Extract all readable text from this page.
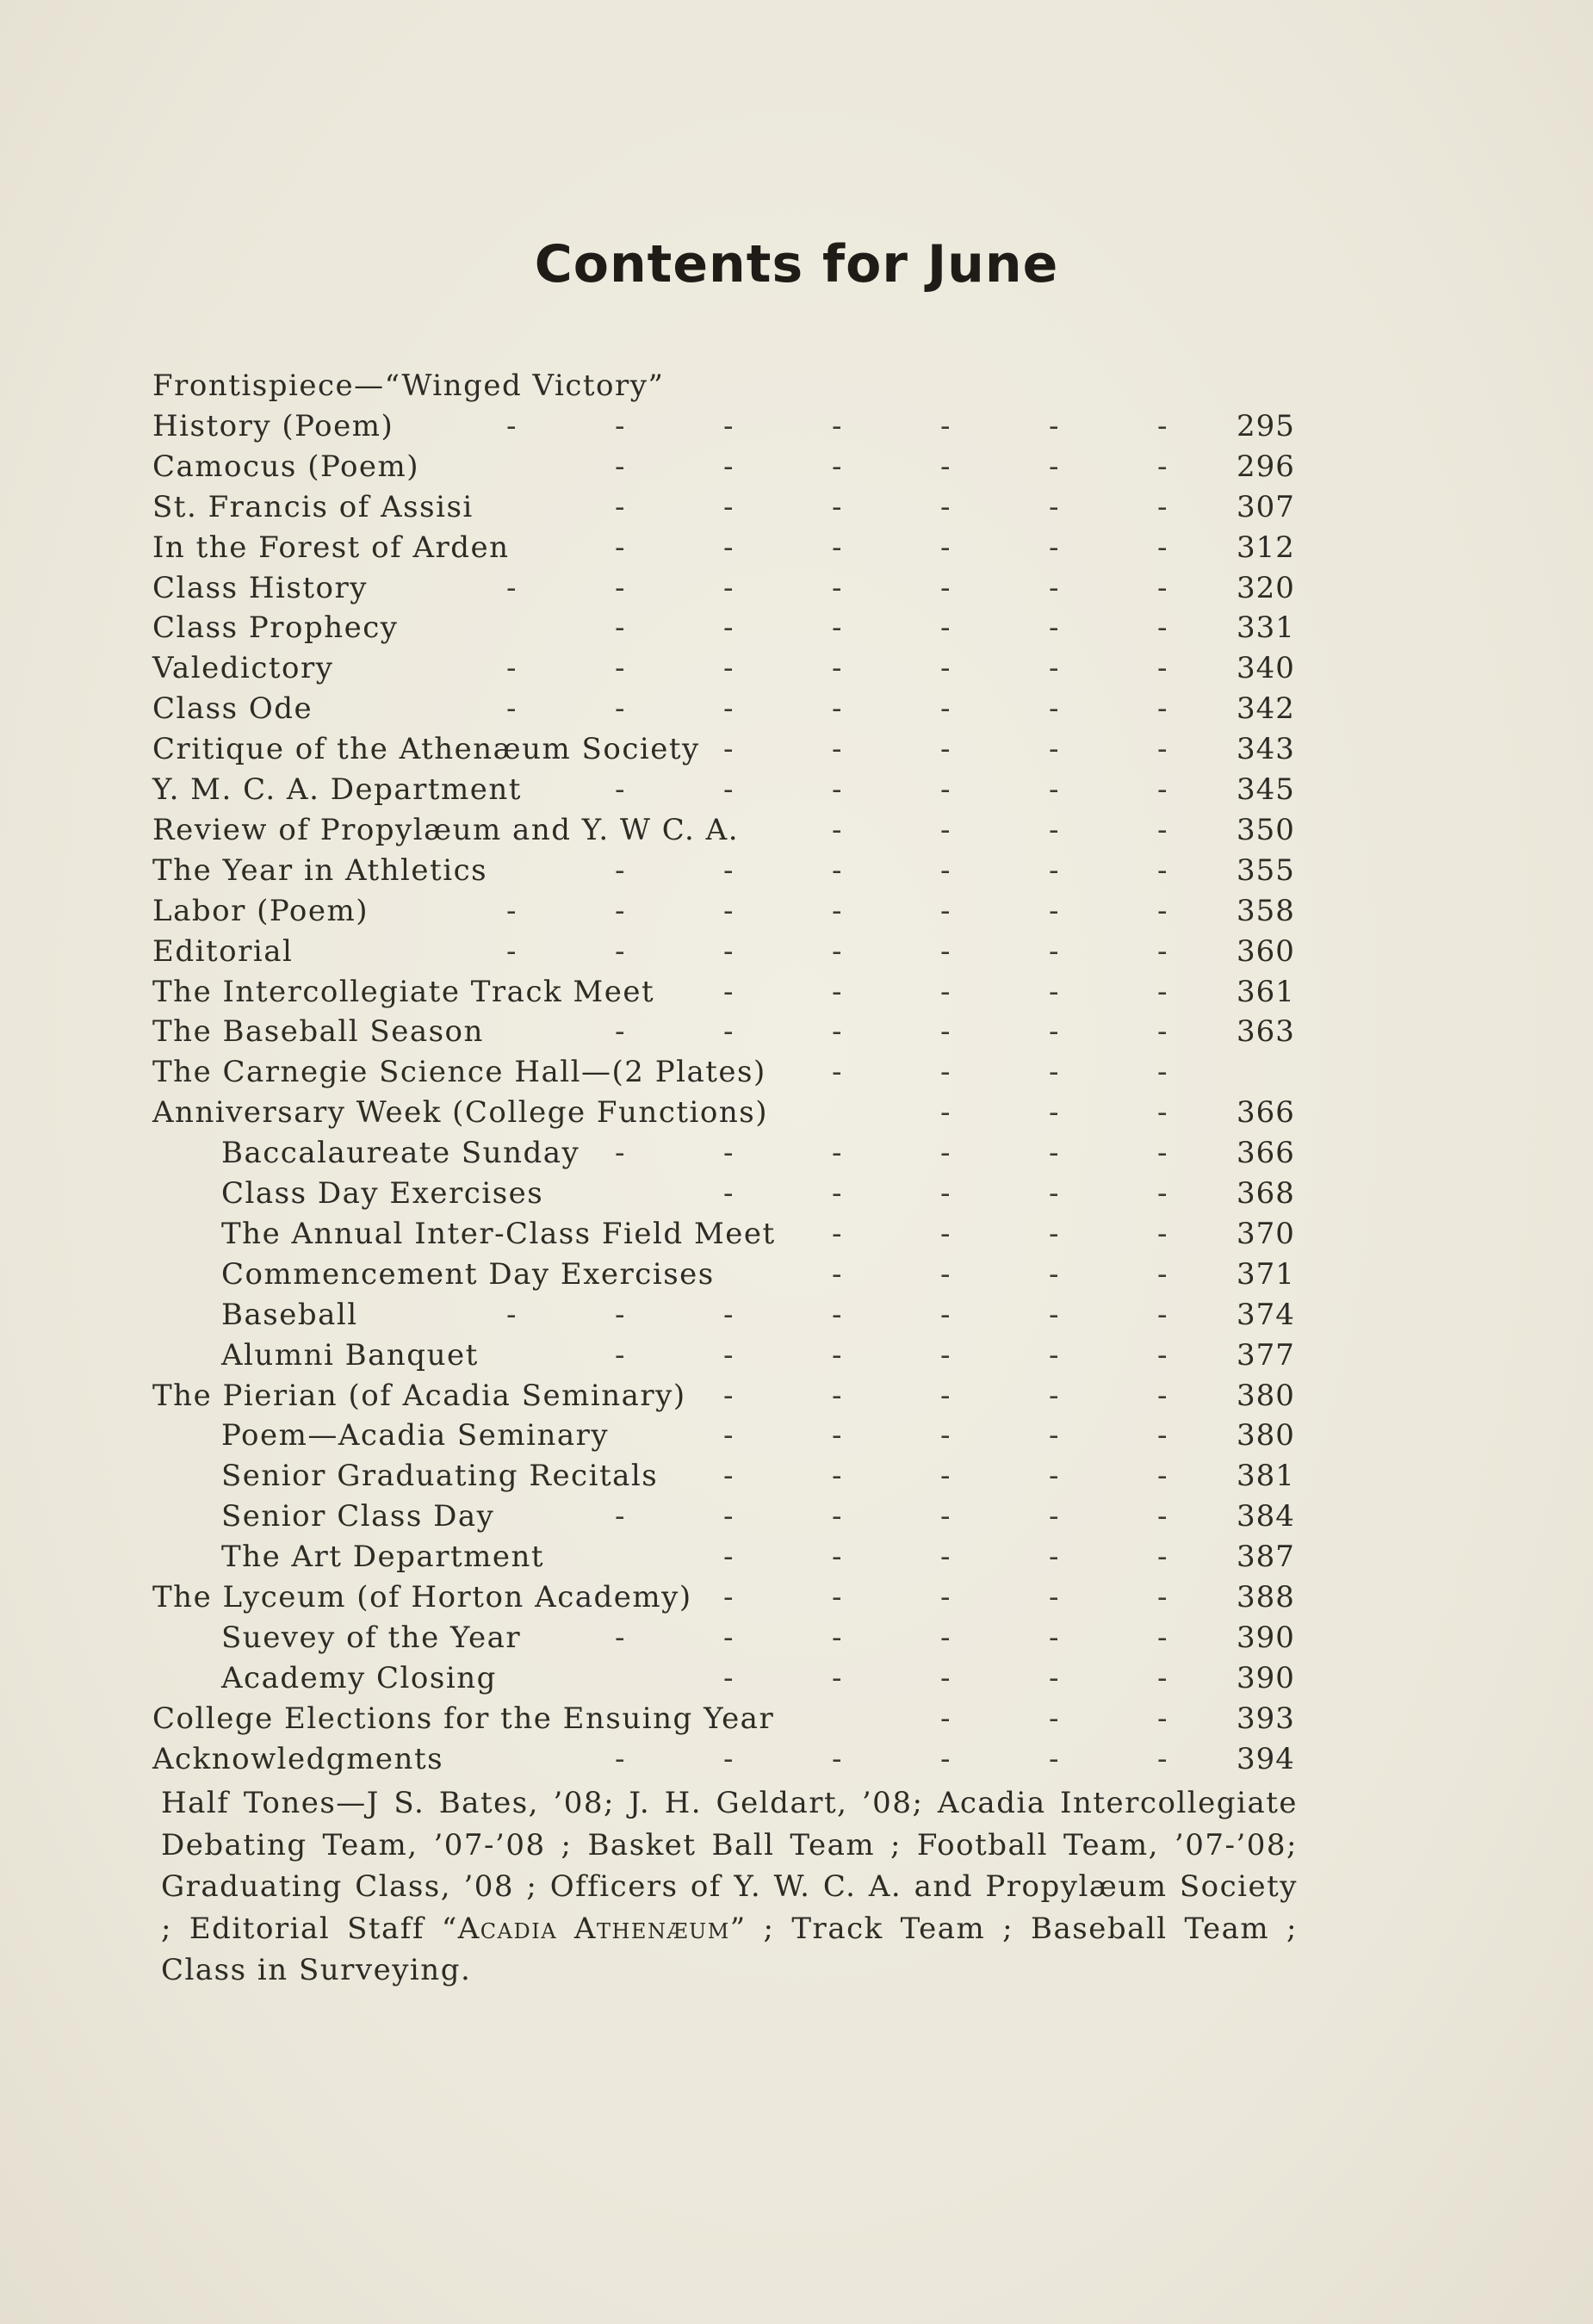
Contents for June
Frontispiece—“Winged Victory”
History (Poem)	-	-	-	-	-	-	-	295
Camocus (Poem)	-	-	-	-	-	-	296
St. Francis of Assisi	-	-	-	-	-	-	307
In the Forest of Arden	-	-	-	-	-	-	312
Class History	-	-	-	-	-	-	-	320
Class Prophecy	-	-	-	-	-	-	331
Valedictory	-	-	-	-	-	-	-	340
Class Ode	-	-	-	-	-	-	-	342
Critique of the Athenæum Society -	-	-	-	-	343
Y. M. C. A. Department	-	-	-	-	-	-	345
Review of Propylæum and Y. W C. A.	-	-	-	-	350
The Year in Athletics	-	-	-	-	-	-	355
Labor (Poem)	-	-	-	-	-	-	-	358
Editorial	-	-	-	-	-	-	-	360
The Intercollegiate Track Meet -	-	-	-	-	361
The Baseball Season	-	-	-	-	-	-	363
The Carnegie Science Hall—(2 Plates) -	-	-	-
Anniversary Week (College Functions)	-	-	-	366
Baccalaureate Sunday -	-	-	-	-	-	366
Class Day Exercises	-	-	-	-	-	368
The Annual Inter-Class Field Meet -	-	-	-	370
Commencement Day Exercises	-	-	-	-	371
Baseball	-	-	-	-	-	-	-	374
Alumni Banquet	-	-	-	-	-	-	377
The Pierian (of Acadia Seminary) -	-	-	-	-	380
Poem—Acadia Seminary	-	-	-	-	-	380
Senior Graduating Recitals -	-	-	-	-	381
Senior Class Day	-	-	-	-	-	-	384
The Art Department	-	-	-	-	-	387
The Lyceum (of Horton Academy) -	-	-	-	-	388
Suevey of the Year	-	-	-	-	-	-	390
Academy Closing	-	-	-	-	-	390
College Elections for the Ensuing Year	-	-	-	393
Acknowledgments	-	-	-	-	-	-	394
Half Tones—J S. Bates, ’08; J. H. Geldart, ’08; Acadia Intercollegiate Debating Team, ’07-’08 ; Basket Ball Team ; Football Team, ’07-’08; Graduating Class, ’08 ; Officers of Y. W. C. A. and Propylæum Society ; Editorial Staff “Acadia Athenæum” ; Track Team ; Baseball Team ; Class in Surveying.
